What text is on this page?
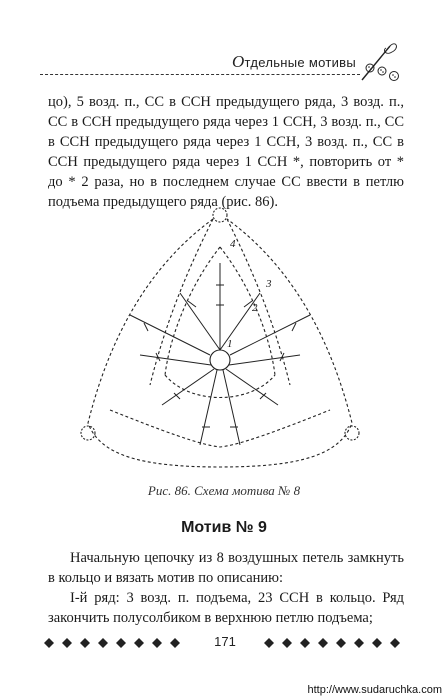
Отдельные мотивы

цо), 5 возд. п., СС в ССН предыдущего ряда, 3 возд. п., СС в ССН предыдущего ряда через 1 ССН, 3 возд. п., СС в ССН предыдущего ряда через 1 ССН, 3 возд. п., СС в ССН предыдущего ряда через 1 ССН *, повторить от * до * 2 раза, но в последнем случае СС ввести в петлю подъема предыдущего ряда (рис. 86).

1
2
3
4
Рис. 86. Схема мотива № 8
Мотив № 9

Начальную цепочку из 8 воздушных петель замкнуть в кольцо и вязать мотив по описанию:

I-й ряд: 3 возд. п. подъема, 23 ССН в кольцо. Ряд закончить полусолбиком в верхнюю петлю подъема;

171
http://www.sudaruchka.com
